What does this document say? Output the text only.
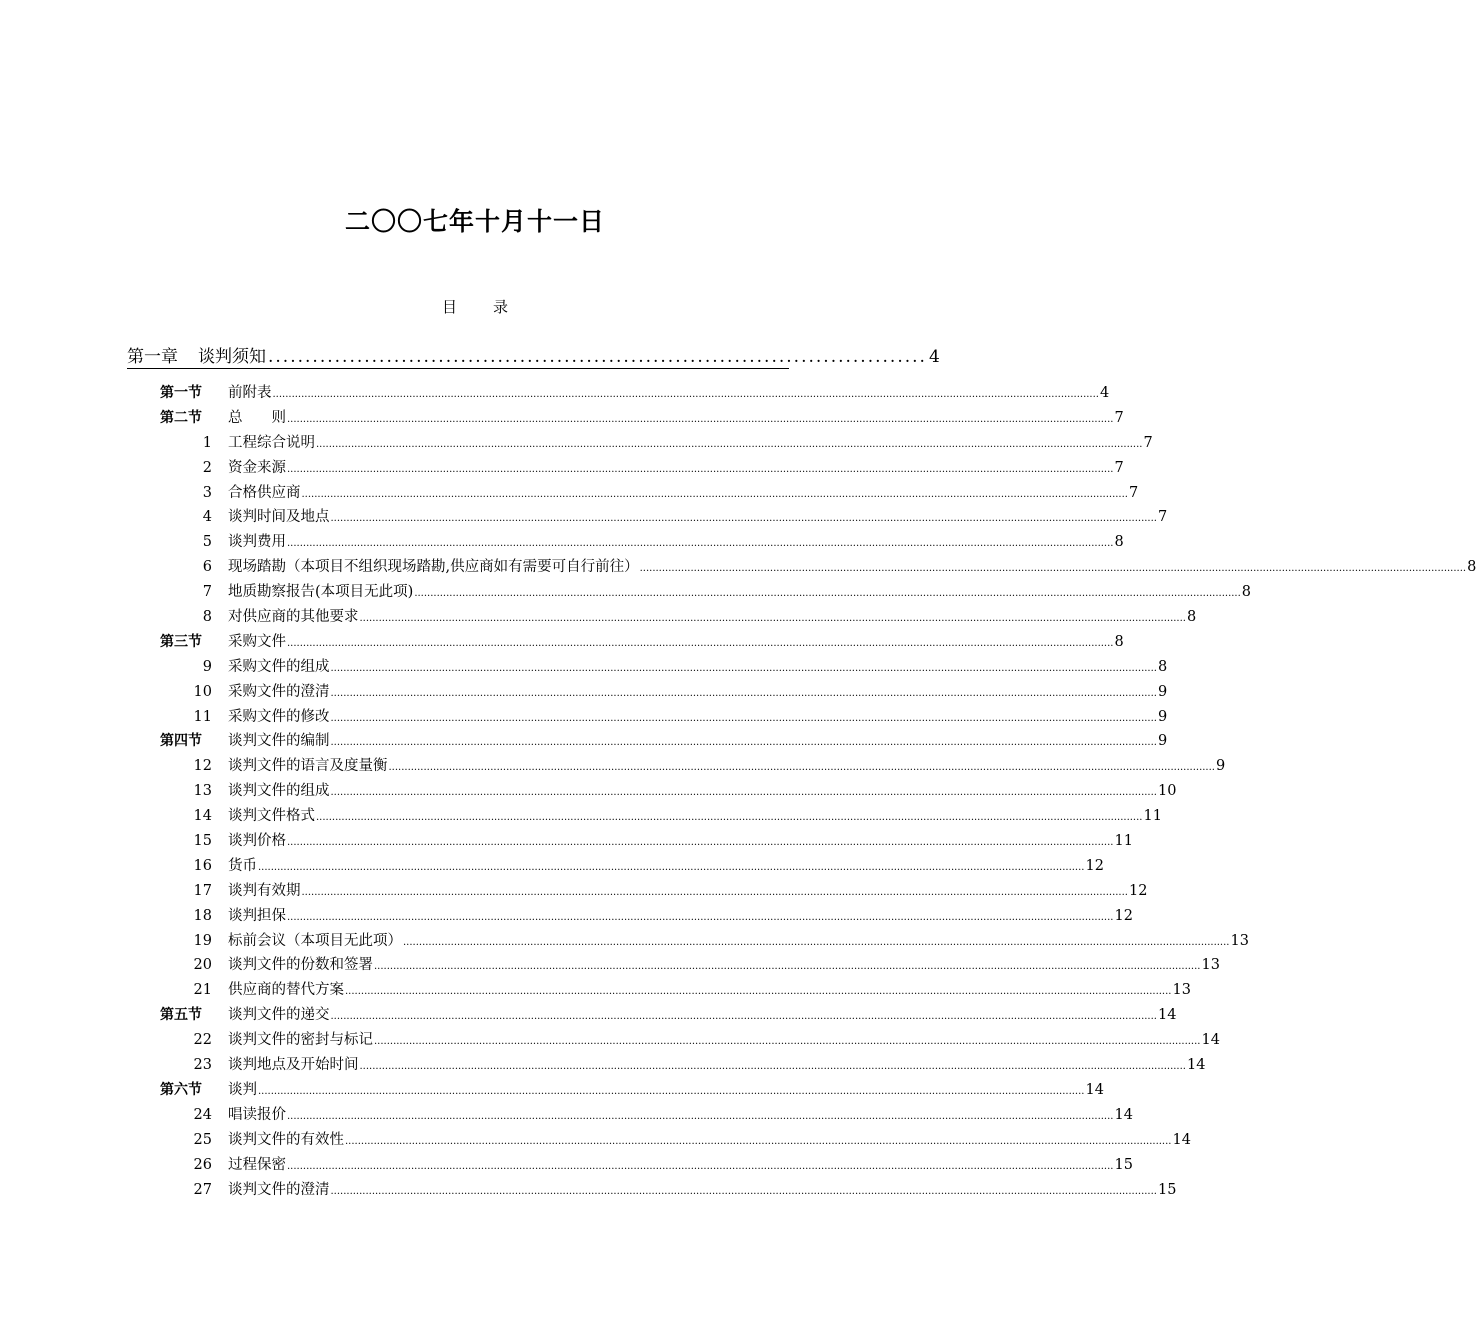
二〇〇七年十月十一日
目 录
第一章 谈判须知 ......................................................................................... 4
第一节	前附表 .................................................................................................................................................................................................................................................................... 4
第二节	总　　则 .................................................................................................................................................................................................................................................................... 7
1 工程综合说明 .................................................................................................................................................................................................................................................................... 7
2 资金来源 .................................................................................................................................................................................................................................................................... 7
3 合格供应商 .................................................................................................................................................................................................................................................................... 7
4 谈判时间及地点 .................................................................................................................................................................................................................................................................... 7
5 谈判费用 .................................................................................................................................................................................................................................................................... 8
6 现场踏勘（本项目不组织现场踏勘,供应商如有需要可自行前往） .................................................................................................................................................................................................................................................................... 8
7 地质勘察报告(本项目无此项) .................................................................................................................................................................................................................................................................... 8
8 对供应商的其他要求 .................................................................................................................................................................................................................................................................... 8
第三节	采购文件 .................................................................................................................................................................................................................................................................... 8
9 采购文件的组成 .................................................................................................................................................................................................................................................................... 8
10 采购文件的澄清 .................................................................................................................................................................................................................................................................... 9
11 采购文件的修改 .................................................................................................................................................................................................................................................................... 9
第四节	谈判文件的编制 .................................................................................................................................................................................................................................................................... 9
12 谈判文件的语言及度量衡 .................................................................................................................................................................................................................................................................... 9
13 谈判文件的组成 .................................................................................................................................................................................................................................................................... 10
14 谈判文件格式 .................................................................................................................................................................................................................................................................... 11
15 谈判价格 .................................................................................................................................................................................................................................................................... 11
16 货币 .................................................................................................................................................................................................................................................................... 12
17 谈判有效期 .................................................................................................................................................................................................................................................................... 12
18 谈判担保 .................................................................................................................................................................................................................................................................... 12
19 标前会议（本项目无此项） .................................................................................................................................................................................................................................................................... 13
20 谈判文件的份数和签署 .................................................................................................................................................................................................................................................................... 13
21 供应商的替代方案 .................................................................................................................................................................................................................................................................... 13
第五节	谈判文件的递交 .................................................................................................................................................................................................................................................................... 14
22 谈判文件的密封与标记 .................................................................................................................................................................................................................................................................... 14
23 谈判地点及开始时间 .................................................................................................................................................................................................................................................................... 14
第六节	谈判 .................................................................................................................................................................................................................................................................... 14
24 唱读报价 .................................................................................................................................................................................................................................................................... 14
25 谈判文件的有效性 .................................................................................................................................................................................................................................................................... 14
26 过程保密 .................................................................................................................................................................................................................................................................... 15
27 谈判文件的澄清 .................................................................................................................................................................................................................................................................... 15
